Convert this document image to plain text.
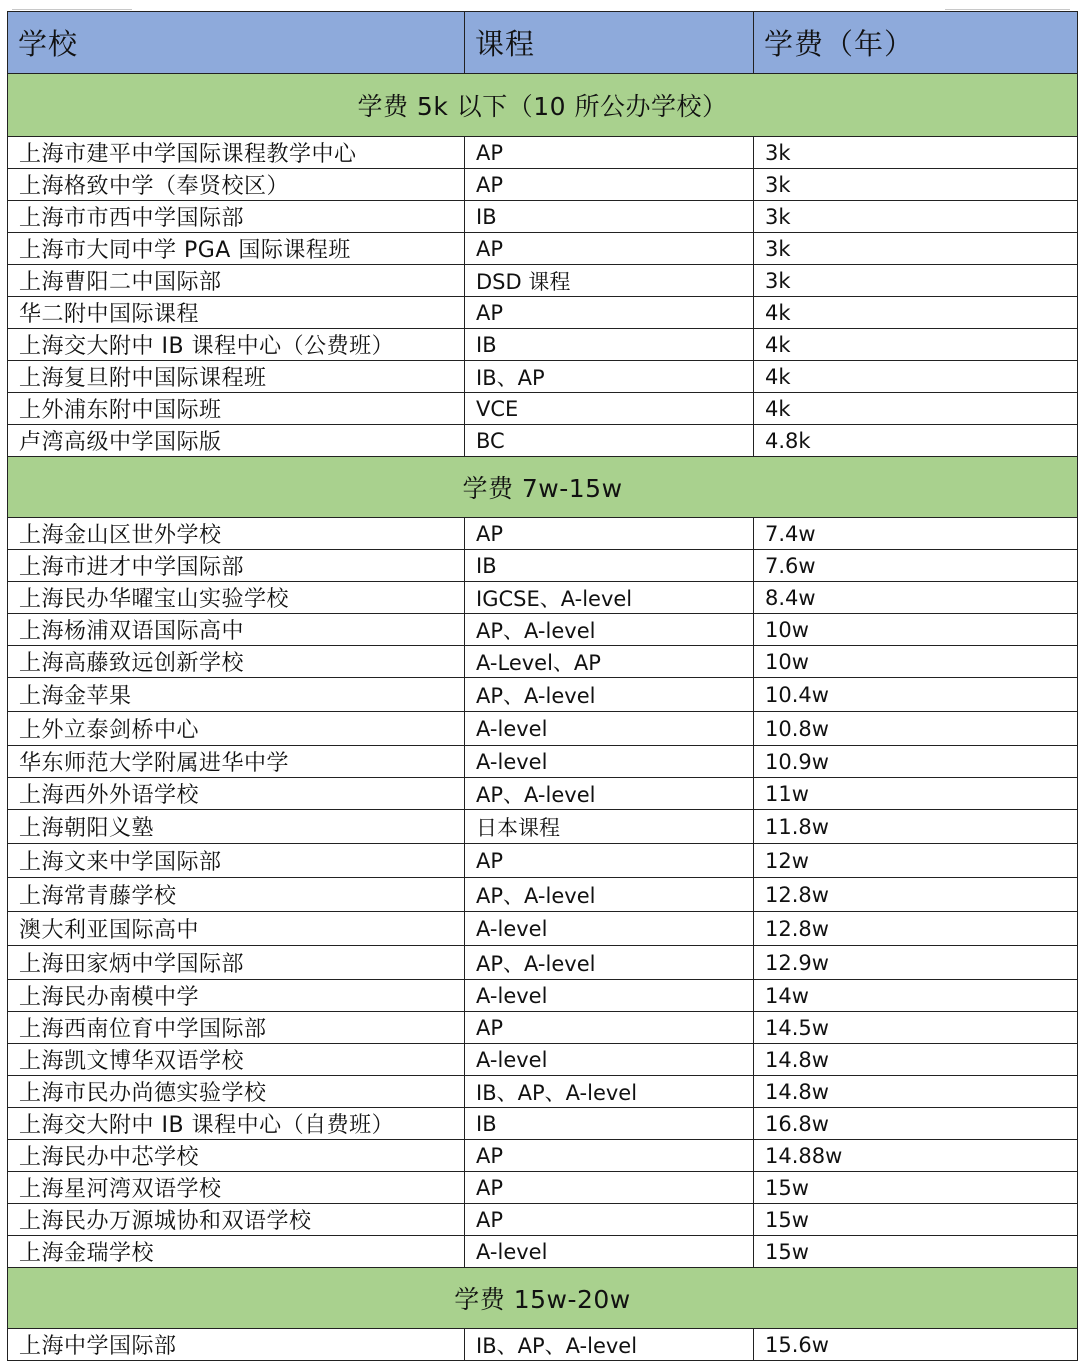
学校	课程	学费（年）
学费 5k 以下（10 所公办学校）		
上海市建平中学国际课程教学中心	AP	3k
上海格致中学（奉贤校区）	AP	3k
上海市市西中学国际部	IB	3k
上海市大同中学 PGA 国际课程班	AP	3k
上海曹阳二中国际部	DSD 课程	3k
华二附中国际课程	AP	4k
上海交大附中 IB 课程中心（公费班）	IB	4k
上海复旦附中国际课程班	IB、AP	4k
上外浦东附中国际班	VCE	4k
卢湾高级中学国际版	BC	4.8k
学费 7w-15w		
上海金山区世外学校	AP	7.4w
上海市进才中学国际部	IB	7.6w
上海民办华曜宝山实验学校	IGCSE、A-level	8.4w
上海杨浦双语国际高中	AP、A-level	10w
上海高藤致远创新学校	A-Level、AP	10w
上海金苹果	AP、A-level	10.4w
上外立泰剑桥中心	A-level	10.8w
华东师范大学附属进华中学	A-level	10.9w
上海西外外语学校	AP、A-level	11w
上海朝阳义塾	日本课程	11.8w
上海文来中学国际部	AP	12w
上海常青藤学校	AP、A-level	12.8w
澳大利亚国际高中	A-level	12.8w
上海田家炳中学国际部	AP、A-level	12.9w
上海民办南模中学	A-level	14w
上海西南位育中学国际部	AP	14.5w
上海凯文博华双语学校	A-level	14.8w
上海市民办尚德实验学校	IB、AP、A-level	14.8w
上海交大附中 IB 课程中心（自费班）	IB	16.8w
上海民办中芯学校	AP	14.88w
上海星河湾双语学校	AP	15w
上海民办万源城协和双语学校	AP	15w
上海金瑞学校	A-level	15w
学费 15w-20w		
上海中学国际部	IB、AP、A-level	15.6w
